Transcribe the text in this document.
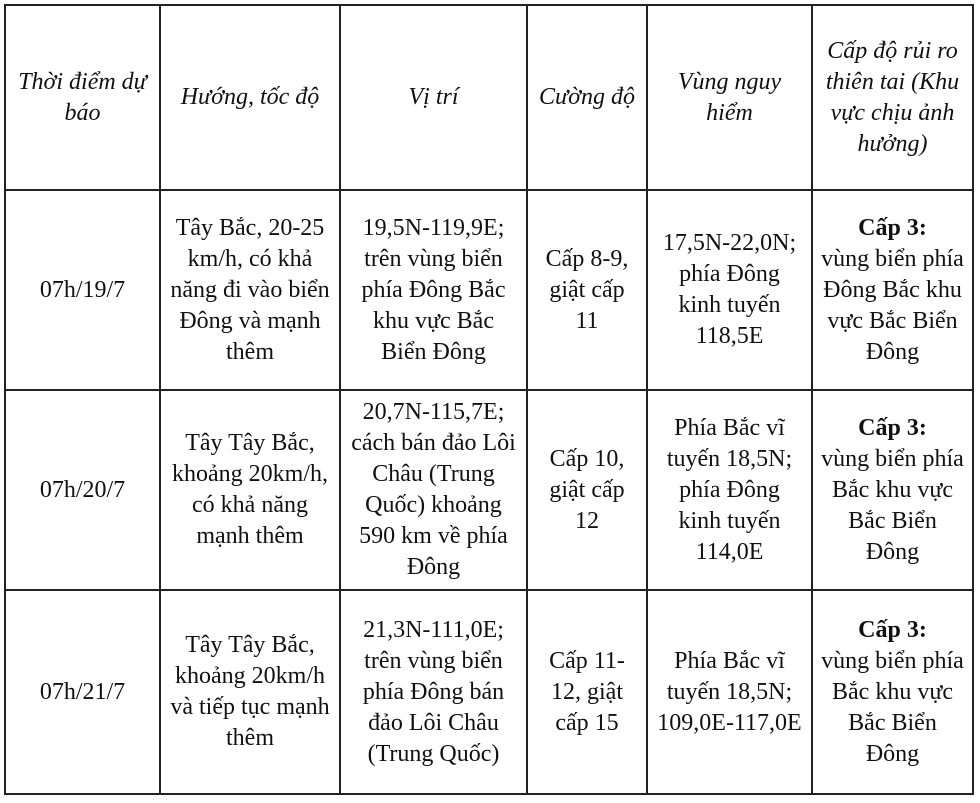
Thời điểm dự báo	Hướng, tốc độ	Vị trí	Cường độ	Vùng nguy hiểm	Cấp độ rủi ro thiên tai (Khu vực chịu ảnh hưởng)
07h/19/7	Tây Bắc, 20-25 km/h, có khả năng đi vào biển Đông và mạnh thêm	19,5N-119,9E; trên vùng biển phía Đông Bắc khu vực Bắc Biển Đông	Cấp 8-9, giật cấp 11	17,5N-22,0N; phía Đông kinh tuyến 118,5E	Cấp 3:
vùng biển phía Đông Bắc khu vực Bắc Biển Đông

07h/20/7	Tây Tây Bắc, khoảng 20km/h, có khả năng mạnh thêm	20,7N-115,7E; cách bán đảo Lôi Châu (Trung Quốc) khoảng 590 km về phía Đông	Cấp 10, giật cấp 12	Phía Bắc vĩ tuyến 18,5N; phía Đông kinh tuyến 114,0E	Cấp 3:
vùng biển phía Bắc khu vực Bắc Biển Đông

07h/21/7	Tây Tây Bắc, khoảng 20km/h và tiếp tục mạnh thêm	21,3N-111,0E; trên vùng biển phía Đông bán đảo Lôi Châu (Trung Quốc)	Cấp 11-12, giật cấp 15	Phía Bắc vĩ tuyến 18,5N; 109,0E-117,0E	Cấp 3:
vùng biển phía Bắc khu vực Bắc Biển Đông
